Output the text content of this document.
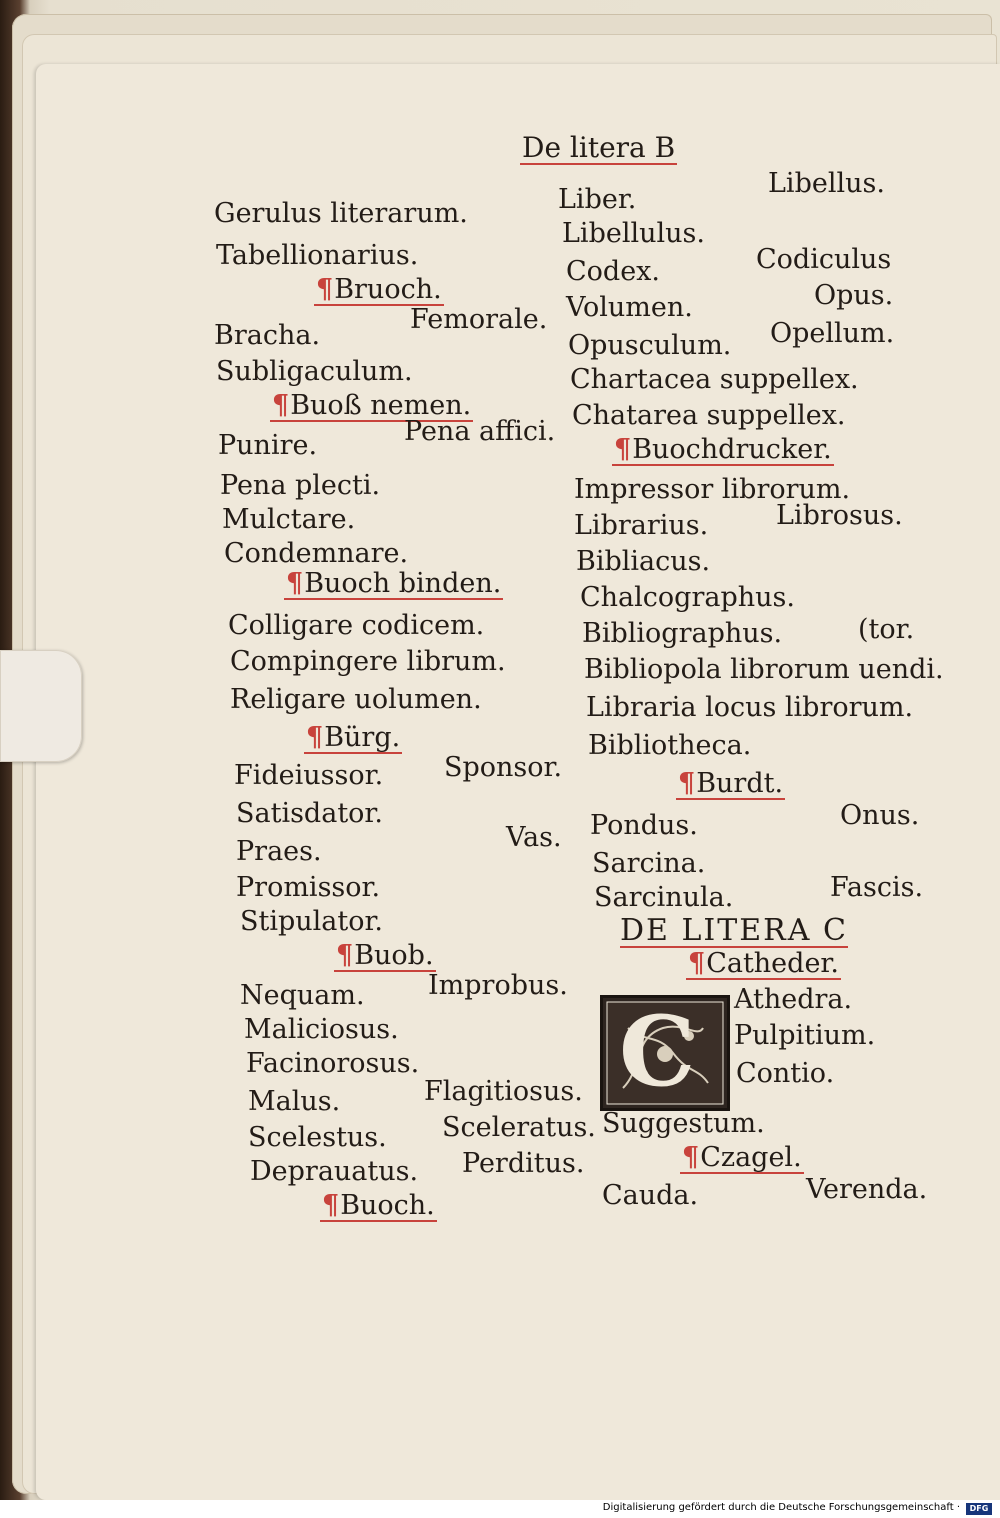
De litera B
Gerulus literarum.
Tabellionarius.
¶Bruoch.
Bracha.
Femorale.
Subligaculum.
¶Buoß nemen.
Punire.	Pena affici.
Pena plecti.
Mulctare.
Condemnare.
¶Buoch binden.
Colligare codicem.
Compingere librum.
Religare uolumen.
¶Bürg.
Fideiussor. Sponsor.
Satisdator.
Vas.
Praes.
Promissor.
Stipulator.
¶Buob.
Nequam. Improbus.
Maliciosus.
Facinorosus.
Malus.	Flagitiosus.
Scelestus. Sceleratus.
Deprauatus. Perditus.
¶Buoch.
Libellus.
Liber.
Libellulus.
Codex.	Codiculus
Volumen.	Opus.
Opusculum. Opellum.
Chartacea suppellex.
Chatarea suppellex.
¶Buochdrucker.
Impressor librorum.
Librarius.	Librosus.
Bibliacus.
Chalcographus.
Bibliographus.	(tor.
Bibliopola librorum uendi.
Libraria locus librorum.
Bibliotheca.
¶Burdt.
Pondus.	Onus.
Sarcina.
Sarcinula.	Fascis.
DE LITERA C
¶Catheder.
C Athedra.
Pulpitium.
Contio.
Suggestum.
¶Czagel.
Cauda.	Verenda.
Digitalisierung gefördert durch die Deutsche Forschungsgemeinschaft ·	DFG
